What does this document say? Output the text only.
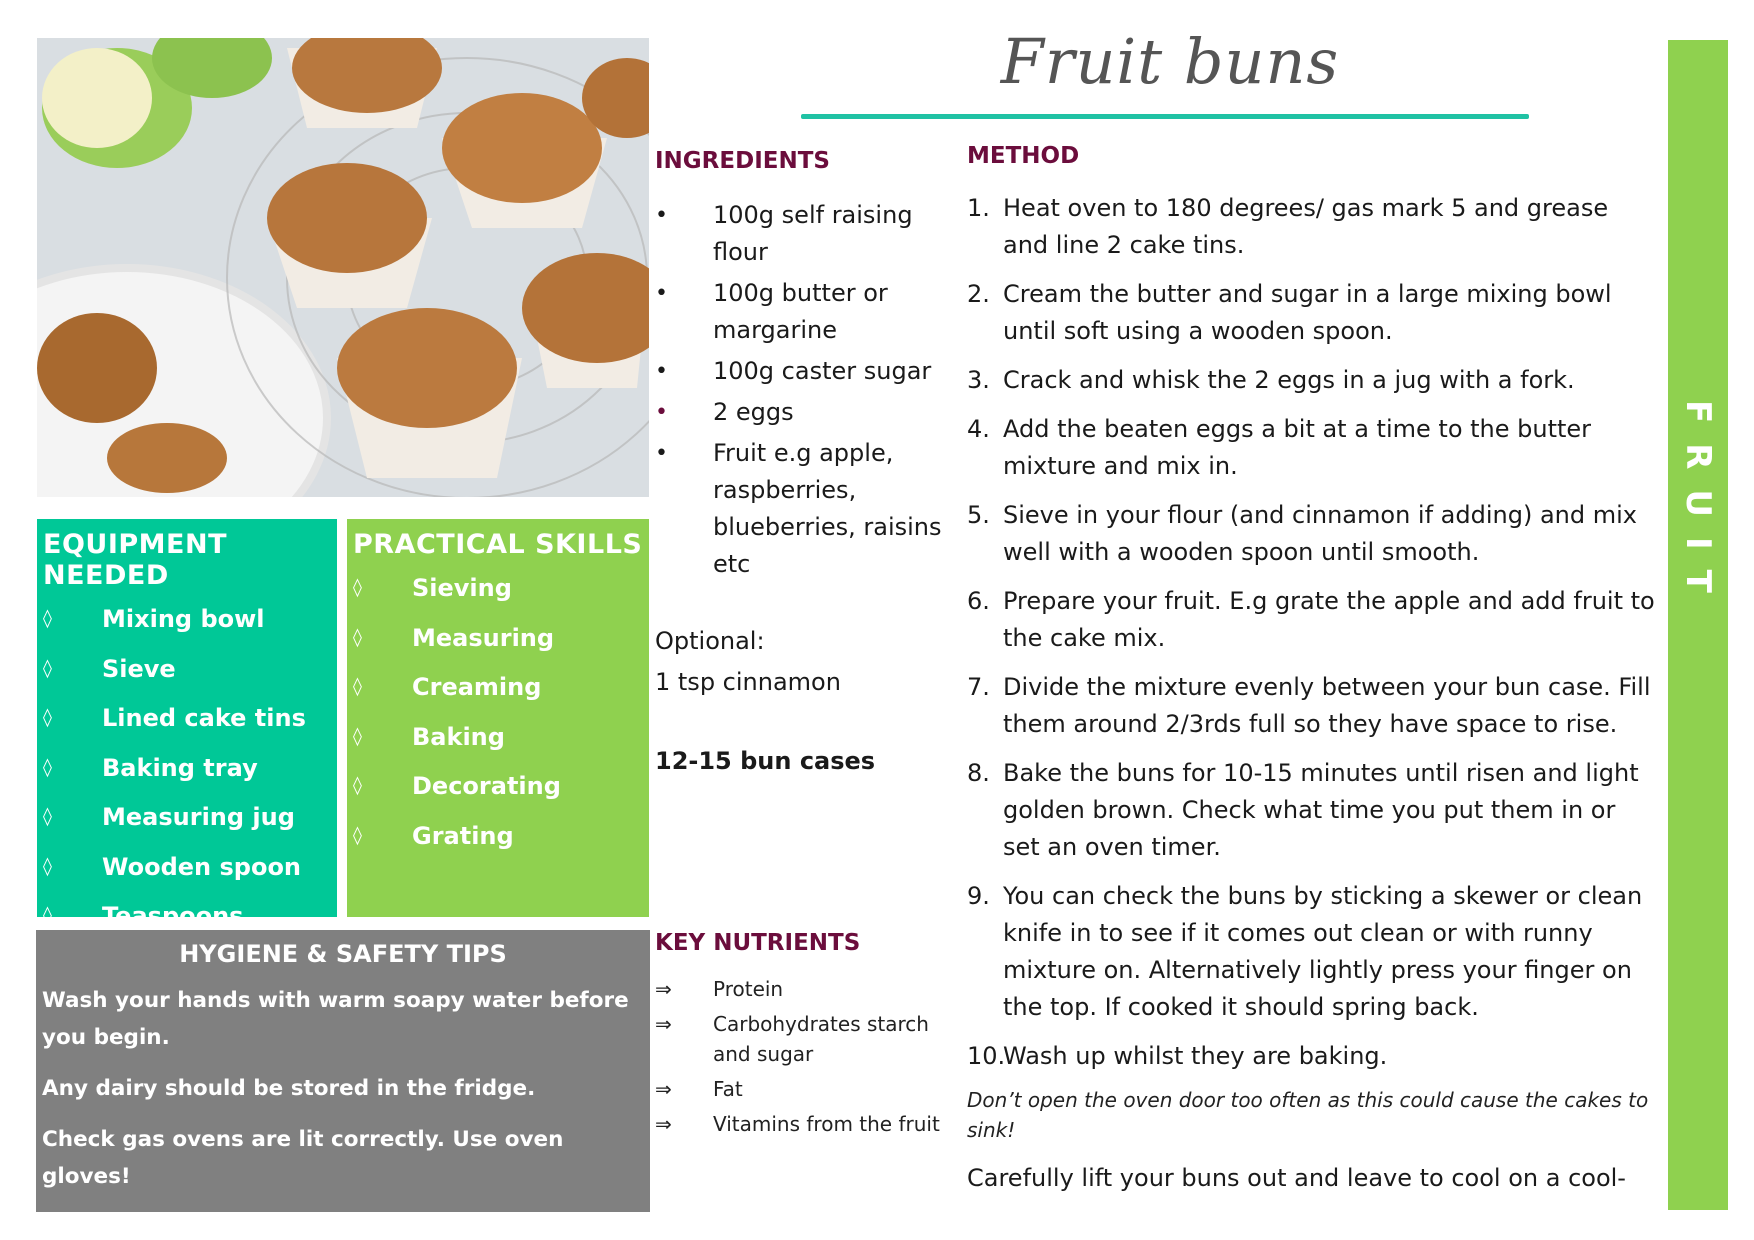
Fruit buns
FRUIT BUNS
EQUIPMENT NEEDED
◊ Mixing bowl
◊ Sieve
◊ Lined cake tins
◊ Baking tray
◊ Measuring jug
◊ Wooden spoon
◊ Teaspoons
PRACTICAL SKILLS
◊ Sieving
◊ Measuring
◊ Creaming
◊ Baking
◊ Decorating
◊ Grating
HYGIENE & SAFETY TIPS

Wash your hands with warm soapy water before you begin.

Any dairy should be stored in the fridge.

Check gas ovens are lit correctly. Use oven gloves!

INGREDIENTS
• 100g self raising flour
• 100g butter or margarine
• 100g caster sugar
• 2 eggs
• Fruit e.g apple, raspberries, blueberries, raisins etc
Optional:
1 tsp cinnamon
12-15 bun cases
KEY NUTRIENTS
⇒ Protein
⇒ Carbohydrates starch and sugar
⇒ Fat
⇒ Vitamins from the fruit
METHOD
1. Heat oven to 180 degrees/ gas mark 5 and grease and line 2 cake tins.
2. Cream the butter and sugar in a large mixing bowl until soft using a wooden spoon.
3. Crack and whisk the 2 eggs in a jug with a fork.
4. Add the beaten eggs a bit at a time to the butter mixture and mix in.
5. Sieve in your flour (and cinnamon if adding) and mix well with a wooden spoon until smooth.
6. Prepare your fruit. E.g grate the apple and add fruit to the cake mix.
7. Divide the mixture evenly between your bun case. Fill them around 2/3rds full so they have space to rise.
8. Bake the buns for 10-15 minutes until risen and light golden brown. Check what time you put them in or set an oven timer.
9. You can check the buns by sticking a skewer or clean knife in to see if it comes out clean or with runny mixture on. Alternatively lightly press your finger on the top. If cooked it should spring back.
10.
Wash up whilst they are baking.
Don’t open the oven door too often as this could cause the cakes to sink!
Carefully lift your buns out and leave to cool on a cool-
